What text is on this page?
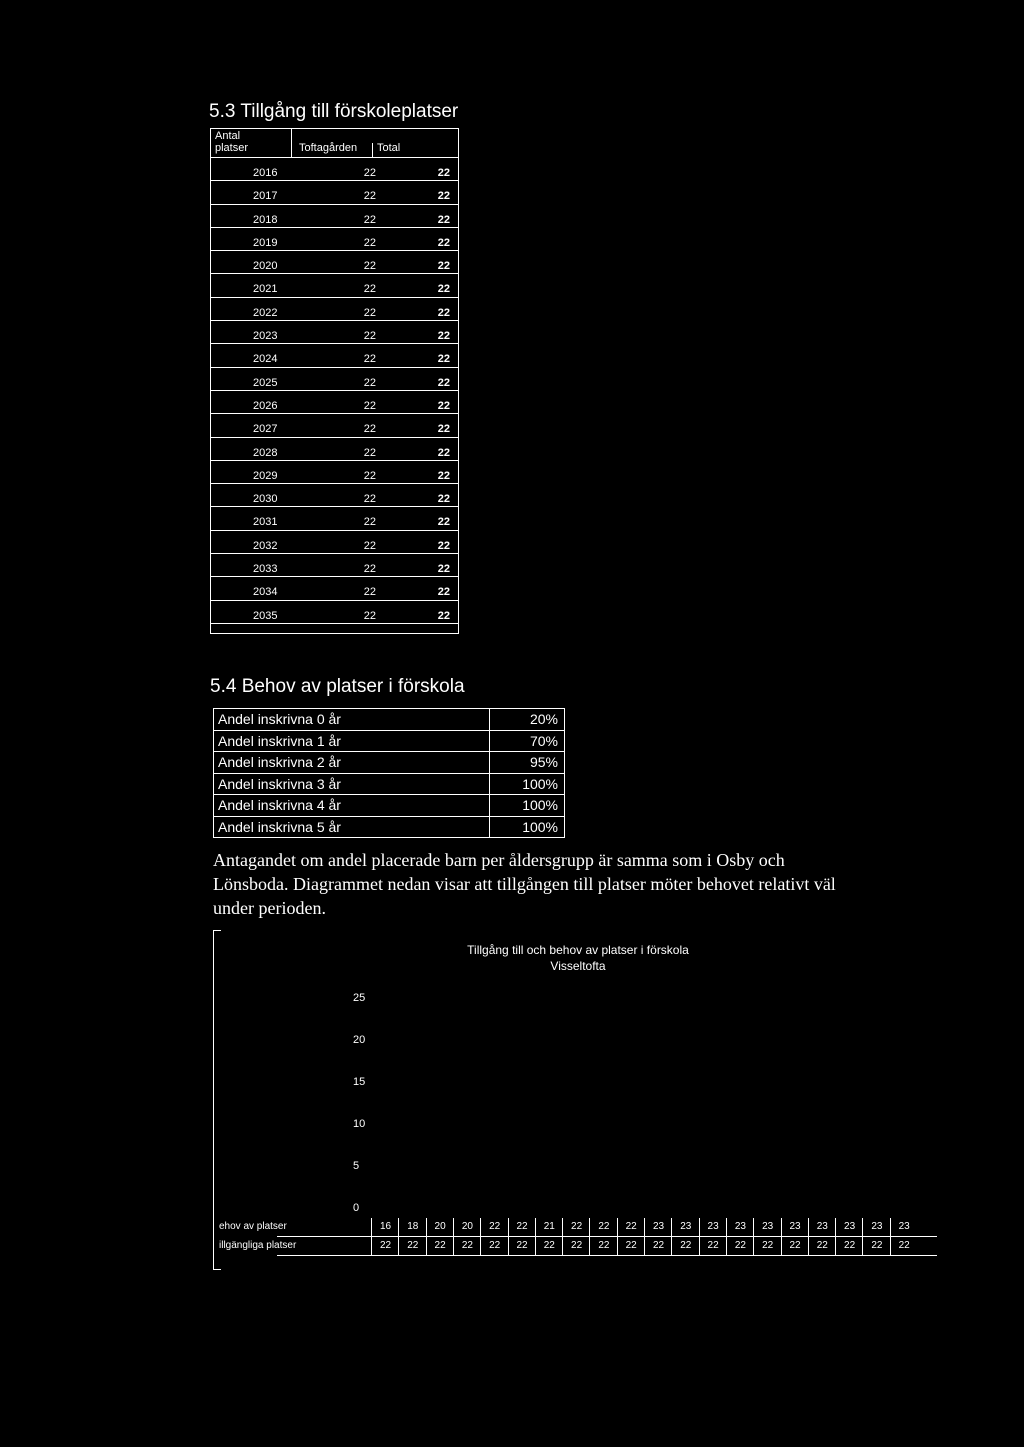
5.3 Tillgång till förskoleplatser
Antal
platser	Toftagården Total
2016	22	22
2017	22	22
2018	22	22
2019	22	22
2020	22	22
2021	22	22
2022	22	22
2023	22	22
2024	22	22
2025	22	22
2026	22	22
2027	22	22
2028	22	22
2029	22	22
2030	22	22
2031	22	22
2032	22	22
2033	22	22
2034	22	22
2035	22	22
5.4 Behov av platser i förskola
Andel inskrivna 0 år	20%
Andel inskrivna 1 år	70%
Andel inskrivna 2 år	95%
Andel inskrivna 3 år	100%
Andel inskrivna 4 år	100%
Andel inskrivna 5 år	100%
Antagandet om andel placerade barn per åldersgrupp är samma som i Osby och Lönsboda. Diagrammet nedan visar att tillgången till platser möter behovet relativt väl under perioden.
Tillgång till och behov av platser i förskola
Visseltofta
25
20
15
10
5
0
ehov av platser	16	18	20	20	22	22	21	22	22	22	23	23	23	23	23	23	23	23	23	23
illgängliga platser	22	22	22	22	22	22	22	22	22	22	22	22	22	22	22	22	22	22	22	22
